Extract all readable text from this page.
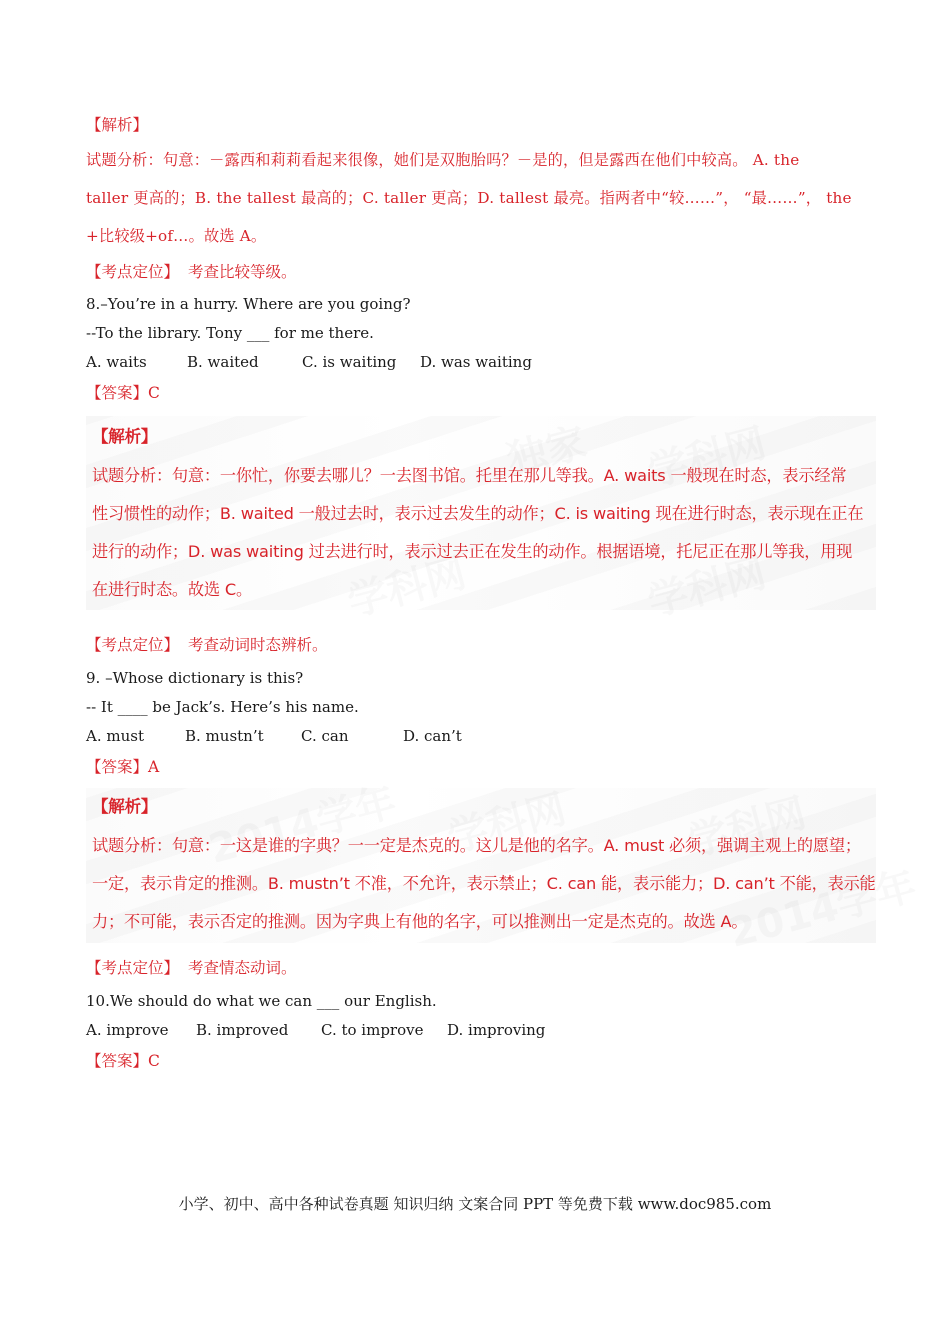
【解析】
试题分析：句意：－露西和莉莉看起来很像，她们是双胞胎吗？－是的，但是露西在他们中较高。 A. the
taller 更高的；B. the tallest 最高的；C. taller 更高；D. tallest 最亮。指两者中“较……”， “最……”， the
+比较级+of…。故选 A。
【考点定位】 考查比较等级。
8.–You’re in a hurry. Where are you going?
--To the library. Tony ___ for me there.
A. waits	B. waited	C. is waiting D. was waiting
【答案】C
独家 学科网
学科网	学科网
【解析】
试题分析：句意：一你忙，你要去哪儿？一去图书馆。托里在那儿等我。A. waits 一般现在时态，表示经常
性习惯性的动作；B. waited 一般过去时，表示过去发生的动作；C. is waiting 现在进行时态，表示现在正在
进行的动作；D. was waiting 过去进行时，表示过去正在发生的动作。根据语境，托尼正在那儿等我，用现
在进行时态。故选 C。
【考点定位】 考查动词时态辨析。
9. –Whose dictionary is this?
-- It ____ be Jack’s. Here’s his name.
A. must	B. mustn’t C. can	D. can’t
【答案】A
2014学年 学科网	学科网
2014学年
【解析】
试题分析：句意：一这是谁的字典？一一定是杰克的。这儿是他的名字。A. must 必须，强调主观上的愿望；
一定，表示肯定的推测。B. mustn’t 不准，不允许，表示禁止；C. can 能，表示能力；D. can’t 不能，表示能
力；不可能，表示否定的推测。因为字典上有他的名字，可以推测出一定是杰克的。故选 A。
【考点定位】 考查情态动词。
10.We should do what we can ___ our English.
A. improve B. improved C. to improve D. improving
【答案】C
小学、初中、高中各种试卷真题 知识归纳 文案合同 PPT 等免费下载 www.doc985.com
